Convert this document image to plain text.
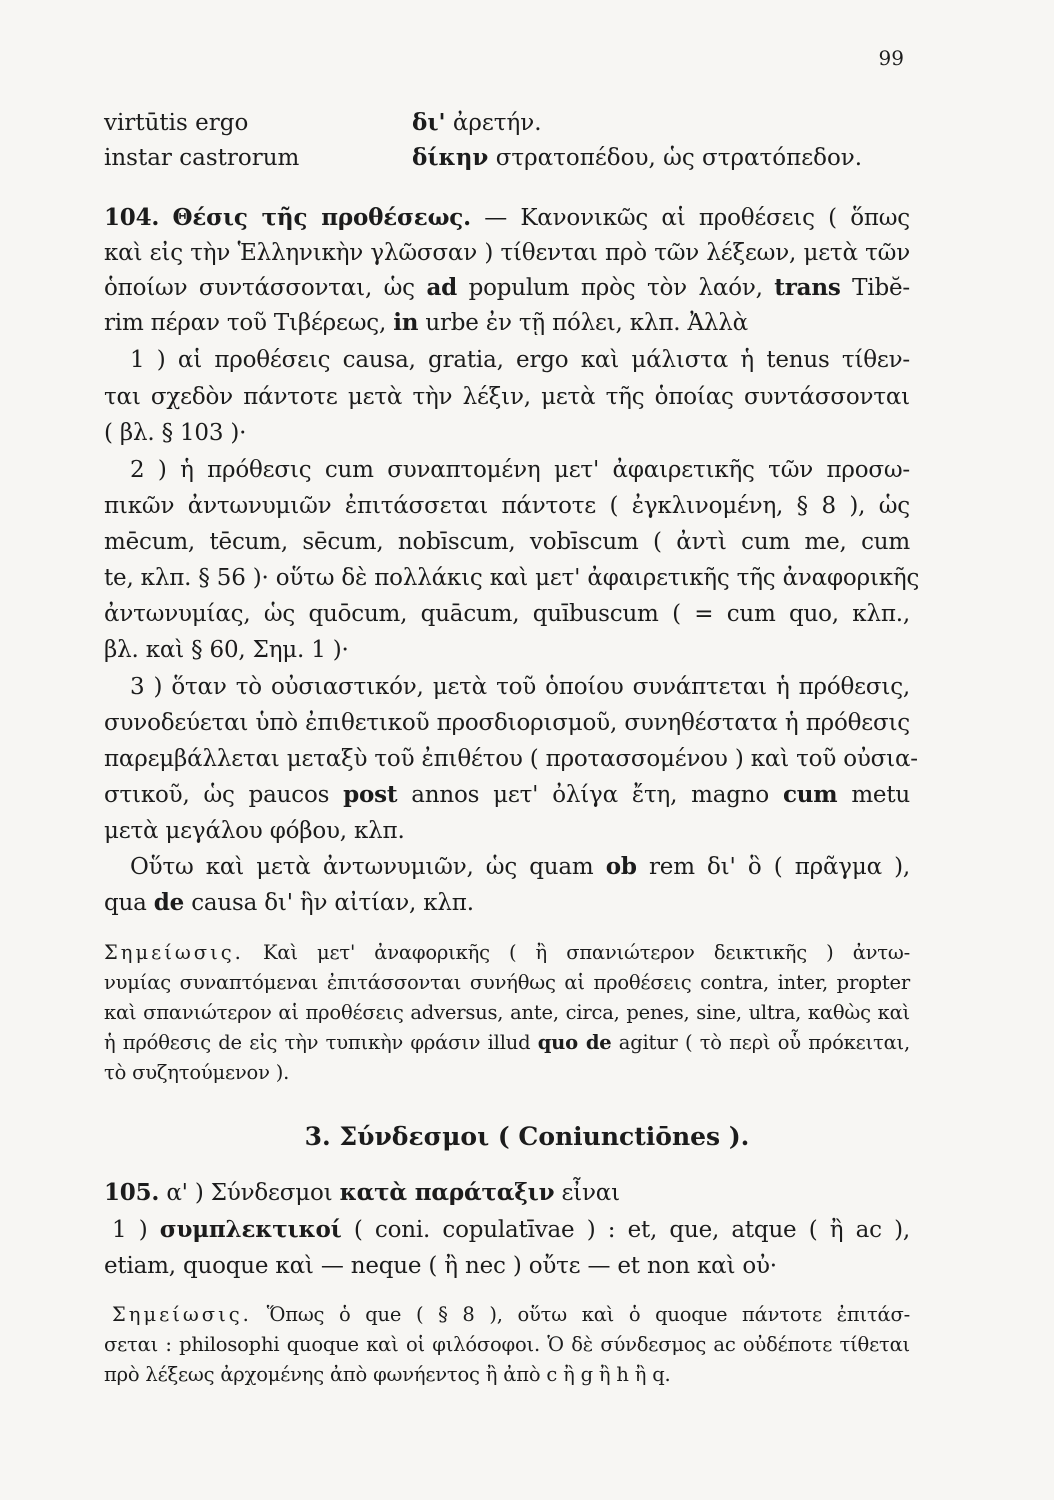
99
virtūtis ergo	δι' ἀρετήν.
instar castrorum	δίκην στρατοπέδου, ὡς στρατόπεδον.
104. Θέσις τῆς προθέσεως. — Κανονικῶς αἱ προθέσεις ( ὅπως
καὶ εἰς τὴν Ἑλληνικὴν γλῶσσαν ) τίθενται πρὸ τῶν λέξεων, μετὰ τῶν
ὁποίων συντάσσονται, ὡς ad populum πρὸς τὸν λαόν, trans Tibĕ-
rim πέραν τοῦ Τιβέρεως, in urbe ἐν τῇ πόλει, κλπ. Ἀλλὰ
1 ) αἱ προθέσεις causa, gratia, ergo καὶ μάλιστα ἡ tenus τίθεν-
ται σχεδὸν πάντοτε μετὰ τὴν λέξιν, μετὰ τῆς ὁποίας συντάσσονται
( βλ. § 103 )·
2 ) ἡ πρόθεσις cum συναπτομένη μετ' ἀφαιρετικῆς τῶν προσω-
πικῶν ἀντωνυμιῶν ἐπιτάσσεται πάντοτε ( ἐγκλινομένη, § 8 ), ὡς
mēcum, tēcum, sēcum, nobīscum, vobīscum ( ἀντὶ cum me, cum
te, κλπ. § 56 )· οὕτω δὲ πολλάκις καὶ μετ' ἀφαιρετικῆς τῆς ἀναφορικῆς
ἀντωνυμίας, ὡς quōcum, quācum, quībuscum ( = cum quo, κλπ.,
βλ. καὶ § 60, Σημ. 1 )·
3 ) ὅταν τὸ οὐσιαστικόν, μετὰ τοῦ ὁποίου συνάπτεται ἡ πρόθεσις,
συνοδεύεται ὑπὸ ἐπιθετικοῦ προσδιορισμοῦ, συνηθέστατα ἡ πρόθεσις
παρεμβάλλεται μεταξὺ τοῦ ἐπιθέτου ( προτασσομένου ) καὶ τοῦ οὐσια-
στικοῦ, ὡς paucos post annos μετ' ὀλίγα ἔτη, magno cum metu
μετὰ μεγάλου φόβου, κλπ.
Οὕτω καὶ μετὰ ἀντωνυμιῶν, ὡς quam ob rem δι' ὃ ( πρᾶγμα ),
qua de causa δι' ἣν αἰτίαν, κλπ.
Σημείωσις. Καὶ μετ' ἀναφορικῆς ( ἢ σπανιώτερον δεικτικῆς ) ἀντω-
νυμίας συναπτόμεναι ἐπιτάσσονται συνήθως αἱ προθέσεις contra, inter, propter
καὶ σπανιώτερον αἱ προθέσεις adversus, ante, circa, penes, sine, ultra, καθὼς καὶ
ἡ πρόθεσις de εἰς τὴν τυπικὴν φράσιν illud quo de agitur ( τὸ περὶ οὗ πρόκειται,
τὸ συζητούμενον ).
3. Σύνδεσμοι ( Coniunctiōnes ).
105. α' ) Σύνδεσμοι κατὰ παράταξιν εἶναι
1 ) συμπλεκτικοί ( coni. copulatīvae ) : et, que, atque ( ἢ ac ),
etiam, quoque καὶ — neque ( ἢ nec ) οὔτε — et non καὶ οὐ·
Σημείωσις. Ὅπως ὁ que ( § 8 ), οὕτω καὶ ὁ quoque πάντοτε ἐπιτάσ-
σεται : philosophi quoque καὶ οἱ φιλόσοφοι. Ὁ δὲ σύνδεσμος ac οὐδέποτε τίθεται
πρὸ λέξεως ἀρχομένης ἀπὸ φωνήεντος ἢ ἀπὸ c ἢ g ἢ h ἢ q.
